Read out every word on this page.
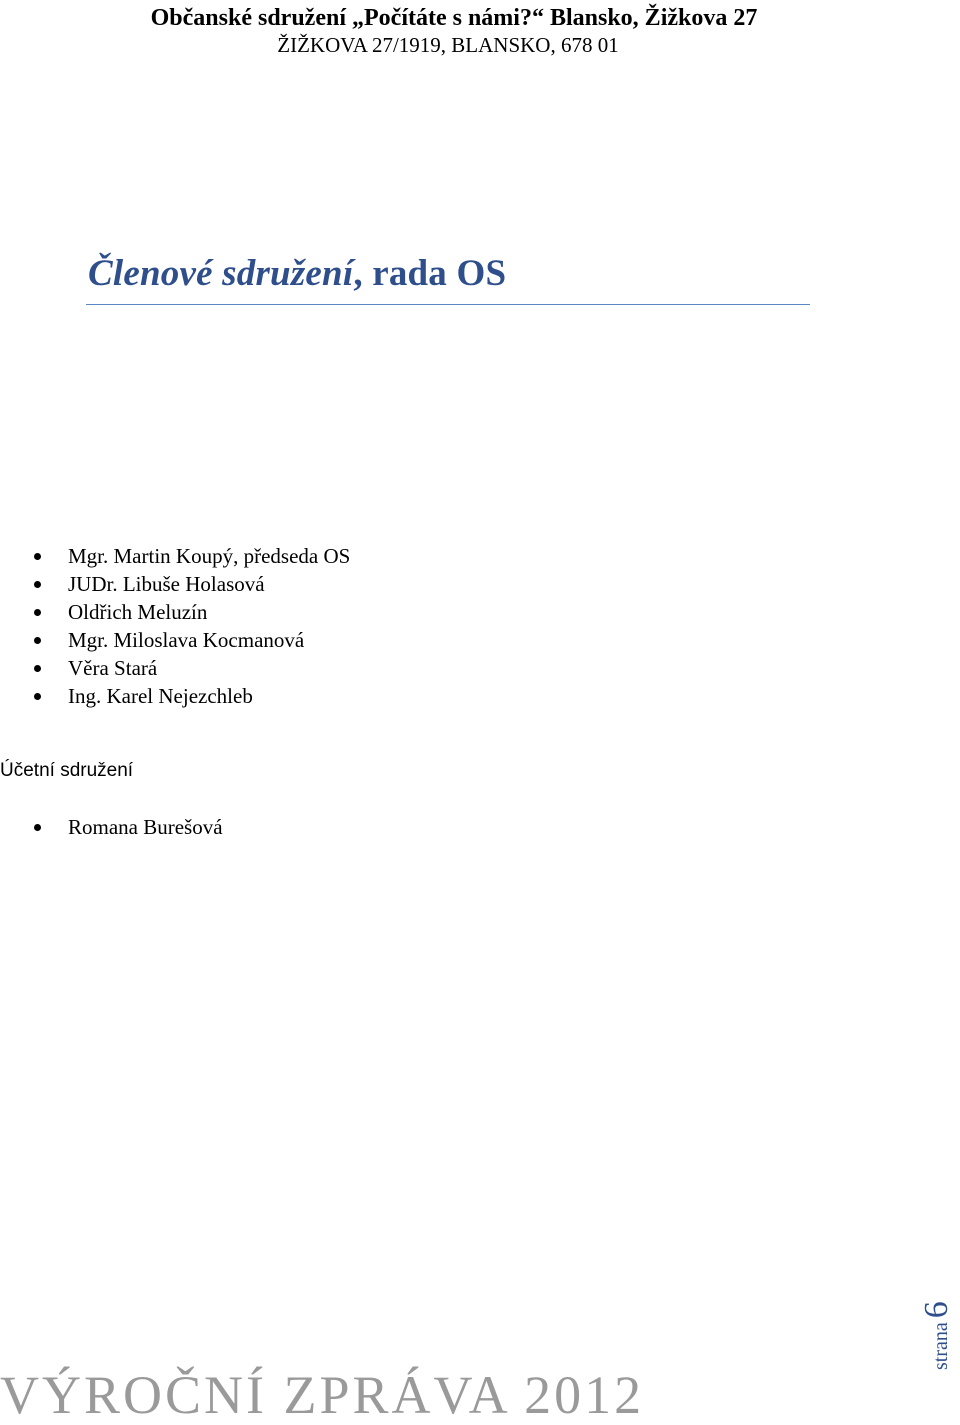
Občanské sdružení „Počítáte s námi?“ Blansko, Žižkova 27
ŽIŽKOVA 27/1919, BLANSKO, 678 01
Členové sdružení, rada OS
Mgr. Martin Koupý, předseda OS
JUDr. Libuše Holasová
Oldřich Meluzín
Mgr. Miloslava Kocmanová
Věra Stará
Ing. Karel Nejezchleb
Účetní sdružení
Romana Burešová
VÝROČNÍ ZPRÁVA 2012
strana6
